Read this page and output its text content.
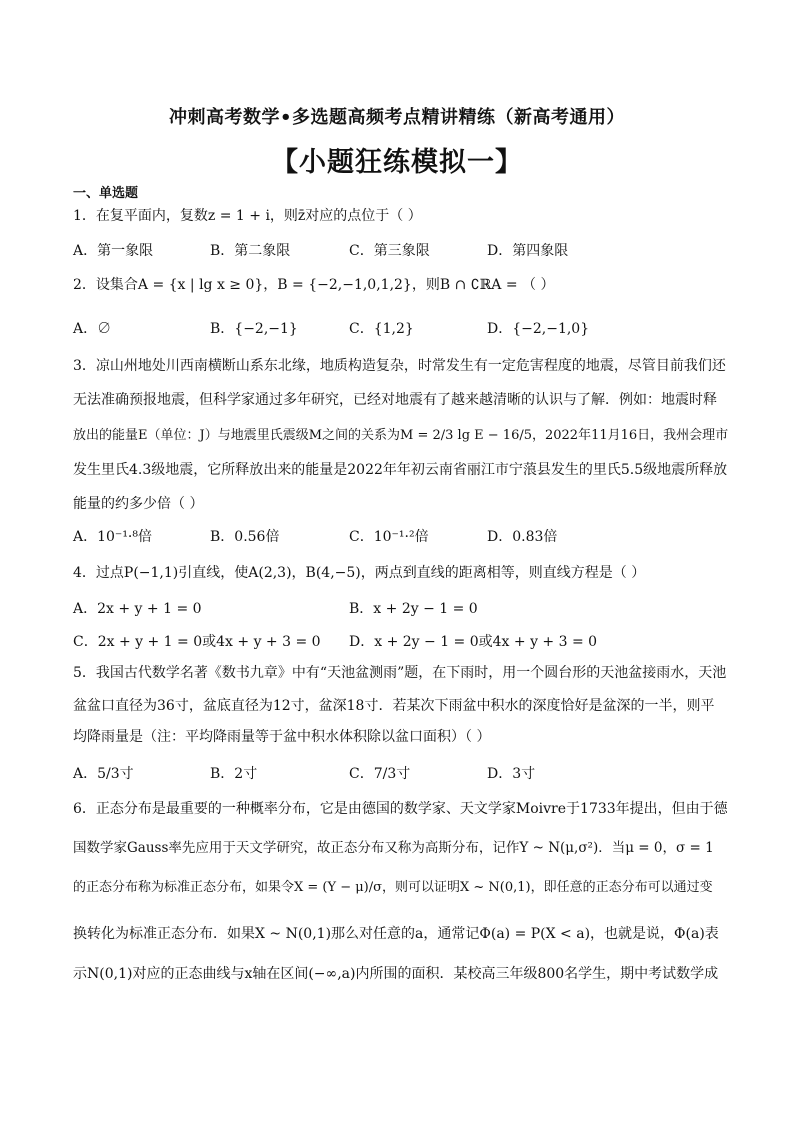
冲刺高考数学•多选题高频考点精讲精练（新高考通用）
【小题狂练模拟一】
一、单选题
1．在复平面内，复数z = 1 + i，则z̄对应的点位于（ ）
A．第一象限	B．第二象限	C．第三象限	D．第四象限
2．设集合A = {x | lg x ≥ 0}，B = {−2,−1,0,1,2}，则B ∩ ∁ℝA = （ ）
A．∅	B．{−2,−1}	C．{1,2}	D．{−2,−1,0}
3．凉山州地处川西南横断山系东北缘，地质构造复杂，时常发生有一定危害程度的地震，尽管目前我们还
无法准确预报地震，但科学家通过多年研究，已经对地震有了越来越清晰的认识与了解．例如：地震时释
放出的能量E（单位：J）与地震里氏震级M之间的关系为M = 2/3 lg E − 16/5，2022年11月16日，我州会理市
发生里氏4.3级地震，它所释放出来的能量是2022年年初云南省丽江市宁蒗县发生的里氏5.5级地震所释放
能量的约多少倍（ ）
A．10⁻¹·⁸倍	B．0.56倍	C．10⁻¹·²倍	D．0.83倍
4．过点P(−1,1)引直线，使A(2,3)，B(4,−5)，两点到直线的距离相等，则直线方程是（ ）
A．2x + y + 1 = 0	B．x + 2y − 1 = 0
C．2x + y + 1 = 0或4x + y + 3 = 0 D．x + 2y − 1 = 0或4x + y + 3 = 0
5．我国古代数学名著《数书九章》中有“天池盆测雨”题，在下雨时，用一个圆台形的天池盆接雨水，天池
盆盆口直径为36寸，盆底直径为12寸，盆深18寸．若某次下雨盆中积水的深度恰好是盆深的一半，则平
均降雨量是（注：平均降雨量等于盆中积水体积除以盆口面积）（ ）
A．5/3寸	B．2寸	C．7/3寸	D．3寸
6．正态分布是最重要的一种概率分布，它是由德国的数学家、天文学家Moivre于1733年提出，但由于德
国数学家Gauss率先应用于天文学研究，故正态分布又称为高斯分布，记作Y ~ N(μ,σ²)．当μ = 0，σ = 1
的正态分布称为标准正态分布，如果令X = (Y − μ)/σ，则可以证明X ~ N(0,1)，即任意的正态分布可以通过变
换转化为标准正态分布．如果X ~ N(0,1)那么对任意的a，通常记Φ(a) = P(X < a)，也就是说，Φ(a)表
示N(0,1)对应的正态曲线与x轴在区间(−∞,a)内所围的面积．某校高三年级800名学生，期中考试数学成
